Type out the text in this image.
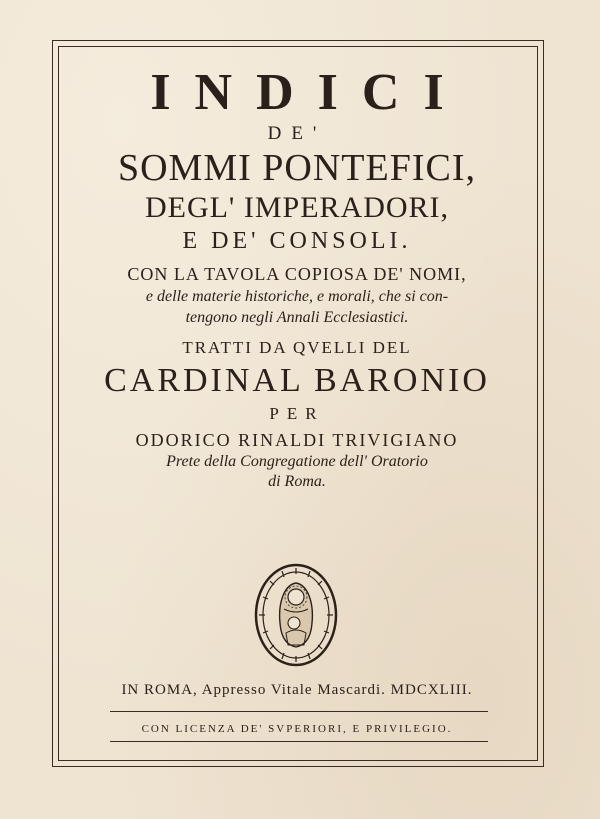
INDICI
DE'
SOMMI PONTEFICI,
DEGL' IMPERADORI,
E DE' CONSOLI.
CON LA TAVOLA COPIOSA DE' NOMI,
e delle materie historiche, e morali, che si con-
tengono negli Annali Ecclesiastici.
TRATTI DA QVELLI DEL
CARDINAL BARONIO
PER
ODORICO RINALDI TRIVIGIANO
Prete della Congregatione dell' Oratorio
di Roma.
IN ROMA, Appresso Vitale Mascardi. MDCXLIII.
CON LICENZA DE' SVPERIORI, E PRIVILEGIO.
